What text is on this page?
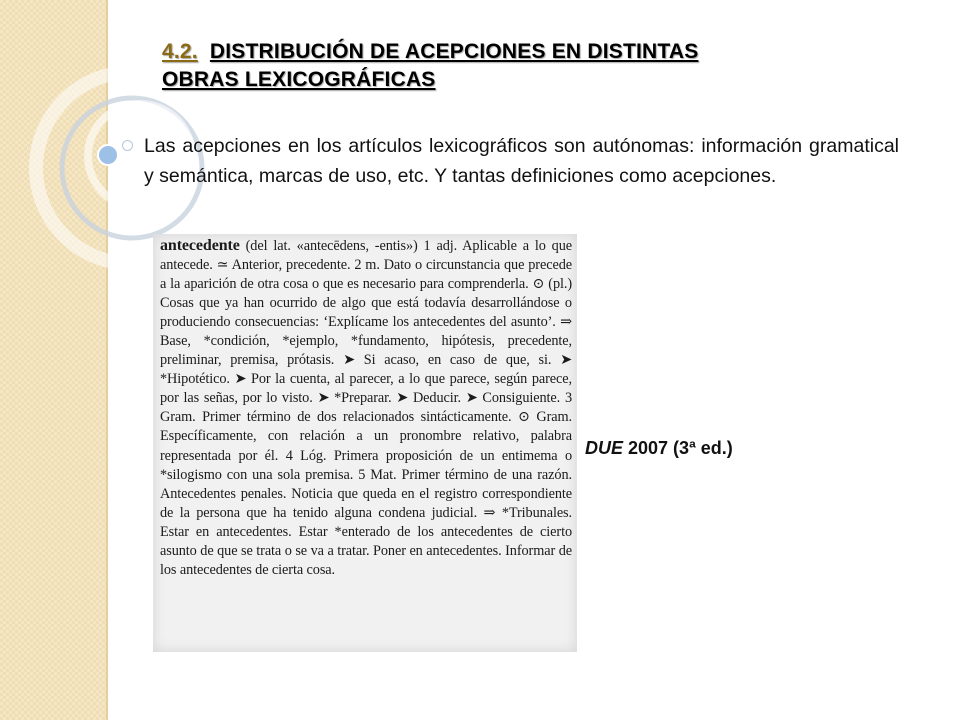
4.2. DISTRIBUCIÓN DE ACEPCIONES EN DISTINTAS
OBRAS LEXICOGRÁFICAS
Las acepciones en los artículos lexicográficos son autónomas: información gramatical y semántica, marcas de uso, etc. Y tantas definiciones como acepciones.
antecedente (del lat. «antecēdens, -entis») 1 adj. Aplicable a lo que antecede. ≃ Anterior, precedente. 2 m. Dato o circunstancia que precede a la aparición de otra cosa o que es necesario para comprenderla. ⊙ (pl.) Cosas que ya han ocurrido de algo que está todavía desarrollándose o produciendo consecuencias: ‘Explícame los antecedentes del asunto’. ⇒ Base, *condición, *ejemplo, *fundamento, hipótesis, precedente, preliminar, premisa, prótasis. ➤ Si acaso, en caso de que, si. ➤ *Hipotético. ➤ Por la cuenta, al parecer, a lo que parece, según parece, por las señas, por lo visto. ➤ *Preparar. ➤ Deducir. ➤ Consiguiente. 3 Gram. Primer término de dos relacionados sintácticamente. ⊙ Gram. Específicamente, con relación a un pronombre relativo, palabra representada por él. 4 Lóg. Primera proposición de un entimema o *silogismo con una sola premisa. 5 Mat. Primer término de una razón. Antecedentes penales. Noticia que queda en el registro correspondiente de la persona que ha tenido alguna condena judicial. ⇒ *Tribunales. Estar en antecedentes. Estar *enterado de los antecedentes de cierto asunto de que se trata o se va a tratar. Poner en antecedentes. Informar de los antecedentes de cierta cosa.
DUE 2007 (3ª ed.)
